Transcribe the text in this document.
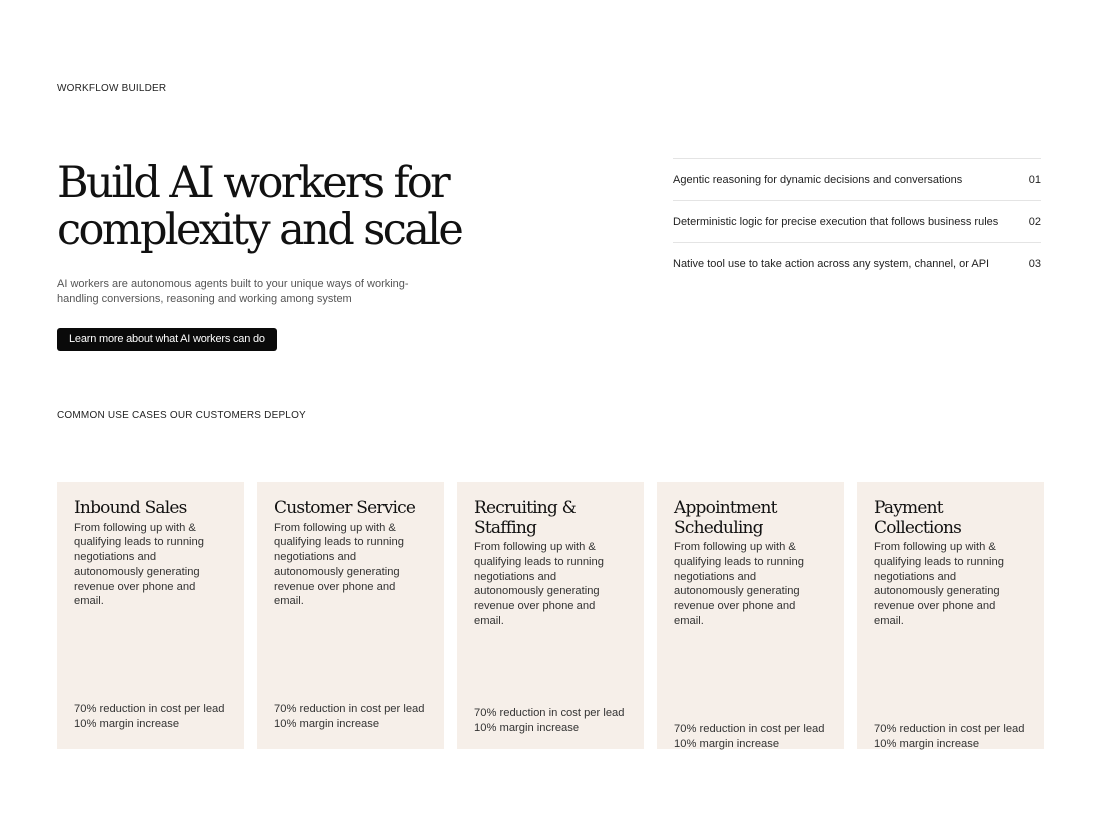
WORKFLOW BUILDER
Build AI workers for
complexity and scale

AI workers are autonomous agents built to your unique ways of working- handling conversions, reasoning and working among system

Learn more about what AI workers can do
Agentic reasoning for dynamic decisions and conversations	01
Deterministic logic for precise execution that follows business rules	02
Native tool use to take action across any system, channel, or API	03
COMMON USE CASES OUR CUSTOMERS DEPLOY
Inbound Sales
From following up with & qualifying leads to running negotiations and autonomously generating revenue over phone and email.
70% reduction in cost per lead
10% margin increase
Customer Service
From following up with & qualifying leads to running negotiations and autonomously generating revenue over phone and email.
70% reduction in cost per lead
10% margin increase
Recruiting & Staffing
From following up with & qualifying leads to running negotiations and autonomously generating revenue over phone and email.
70% reduction in cost per lead
10% margin increase
Appointment Scheduling
From following up with & qualifying leads to running negotiations and autonomously generating revenue over phone and email.
70% reduction in cost per lead
10% margin increase
Payment Collections
From following up with & qualifying leads to running negotiations and autonomously generating revenue over phone and email.
70% reduction in cost per lead
10% margin increase
